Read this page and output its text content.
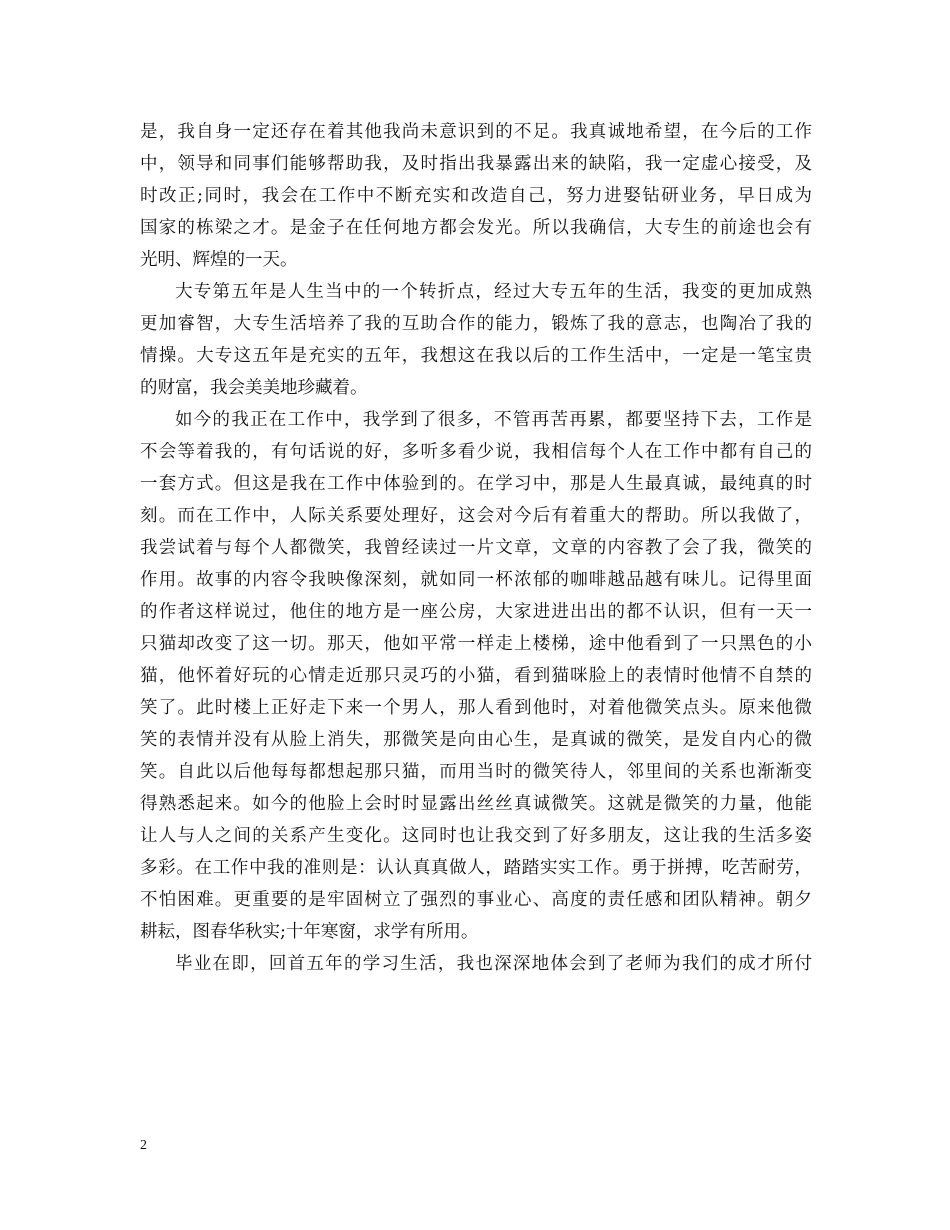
是，我自身一定还存在着其他我尚未意识到的不足。我真诚地希望，在今后的工作
中，领导和同事们能够帮助我，及时指出我暴露出来的缺陷，我一定虚心接受，及
时改正;同时，我会在工作中不断充实和改造自己，努力进娶钻研业务，早日成为
国家的栋梁之才。是金子在任何地方都会发光。所以我确信，大专生的前途也会有
光明、辉煌的一天。
大专第五年是人生当中的一个转折点，经过大专五年的生活，我变的更加成熟
更加睿智，大专生活培养了我的互助合作的能力，锻炼了我的意志，也陶冶了我的
情操。大专这五年是充实的五年，我想这在我以后的工作生活中，一定是一笔宝贵
的财富，我会美美地珍藏着。
如今的我正在工作中，我学到了很多，不管再苦再累，都要坚持下去，工作是
不会等着我的，有句话说的好，多听多看少说，我相信每个人在工作中都有自己的
一套方式。但这是我在工作中体验到的。在学习中，那是人生最真诚，最纯真的时
刻。而在工作中，人际关系要处理好，这会对今后有着重大的帮助。所以我做了，
我尝试着与每个人都微笑，我曾经读过一片文章，文章的内容教了会了我，微笑的
作用。故事的内容令我映像深刻，就如同一杯浓郁的咖啡越品越有味儿。记得里面
的作者这样说过，他住的地方是一座公房，大家进进出出的都不认识，但有一天一
只猫却改变了这一切。那天，他如平常一样走上楼梯，途中他看到了一只黑色的小
猫，他怀着好玩的心情走近那只灵巧的小猫，看到猫咪脸上的表情时他情不自禁的
笑了。此时楼上正好走下来一个男人，那人看到他时，对着他微笑点头。原来他微
笑的表情并没有从脸上消失，那微笑是向由心生，是真诚的微笑，是发自内心的微
笑。自此以后他每每都想起那只猫，而用当时的微笑待人，邻里间的关系也渐渐变
得熟悉起来。如今的他脸上会时时显露出丝丝真诚微笑。这就是微笑的力量，他能
让人与人之间的关系产生变化。这同时也让我交到了好多朋友，这让我的生活多姿
多彩。在工作中我的准则是：认认真真做人，踏踏实实工作。勇于拼搏，吃苦耐劳，
不怕困难。更重要的是牢固树立了强烈的事业心、高度的责任感和团队精神。朝夕
耕耘，图春华秋实;十年寒窗，求学有所用。
毕业在即，回首五年的学习生活，我也深深地体会到了老师为我们的成才所付
2
